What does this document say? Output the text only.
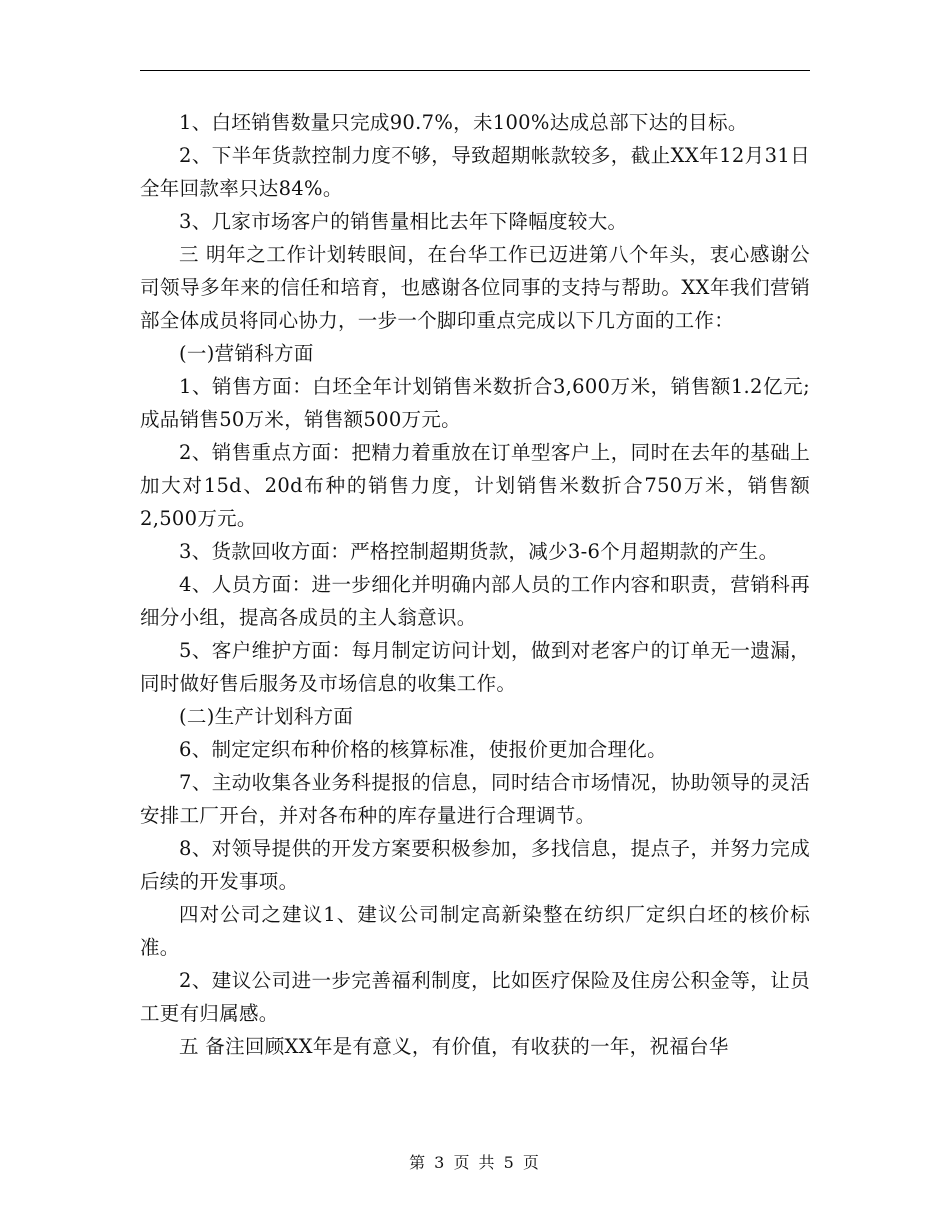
1、白坯销售数量只完成90.7%，未100%达成总部下达的目标。

2、下半年货款控制力度不够，导致超期帐款较多，截止XX年12月31日全年回款率只达84%。

3、几家市场客户的销售量相比去年下降幅度较大。

三 明年之工作计划转眼间，在台华工作已迈进第八个年头，衷心感谢公司领导多年来的信任和培育，也感谢各位同事的支持与帮助。XX年我们营销部全体成员将同心协力，一步一个脚印重点完成以下几方面的工作：

(一)营销科方面

1、销售方面：白坯全年计划销售米数折合3,600万米，销售额1.2亿元;成品销售50万米，销售额500万元。

2、销售重点方面：把精力着重放在订单型客户上，同时在去年的基础上加大对15d、20d布种的销售力度，计划销售米数折合750万米，销售额2,500万元。

3、货款回收方面：严格控制超期货款，减少3-6个月超期款的产生。

4、人员方面：进一步细化并明确内部人员的工作内容和职责，营销科再细分小组，提高各成员的主人翁意识。

5、客户维护方面：每月制定访问计划，做到对老客户的订单无一遗漏，同时做好售后服务及市场信息的收集工作。

(二)生产计划科方面

6、制定定织布种价格的核算标准，使报价更加合理化。

7、主动收集各业务科提报的信息，同时结合市场情况，协助领导的灵活安排工厂开台，并对各布种的库存量进行合理调节。

8、对领导提供的开发方案要积极参加，多找信息，提点子，并努力完成后续的开发事项。

四对公司之建议1、建议公司制定高新染整在纺织厂定织白坯的核价标准。

2、建议公司进一步完善福利制度，比如医疗保险及住房公积金等，让员工更有归属感。

五 备注回顾XX年是有意义，有价值，有收获的一年，祝福台华

第 3 页 共 5 页
